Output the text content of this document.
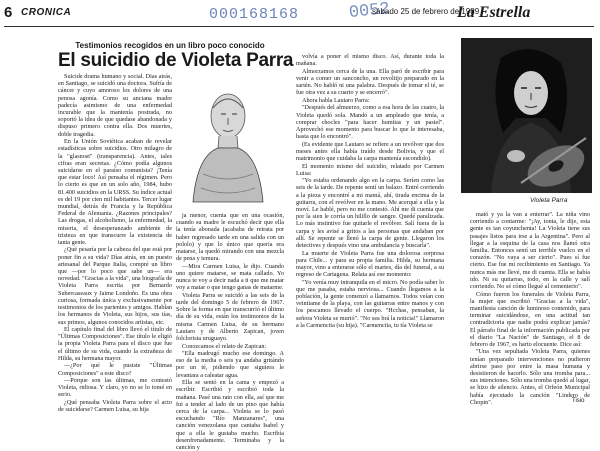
6 CRONICA	000168168	0052
sábado 25 de febrero de 1989
La Estrella
Testimonios recogidos en un libro poco conocido
El suicidio de Violeta Parra

Suicide drama humano y social. Dias atrás, en Santiago, se suicidó una doctora. Sufría de cáncer y cuyo amoroso los dolores de una penosa agonía. Como su anciana madre padecía asimismo de una enfermedad incurable que la mantenía postrada, no soportó la idea de que quedase abandonada y dispuso primero contra ella. Dos muertes, doble tragedia.

En la Unión Soviética acaban de revelar estadísticas sobre suicidios. Otro milagro de la "glasnost" (transparencia). Antes, tales cifras eran secretas. ¿Cómo podía algunos suicidarse en el paraíso comunista? ¡Tenía que estar loco! Así pensaba el régimen. Pero lo cierto es que en un solo año, 1984, hubo 81.400 suicidios en la URSS. Su índice actual es del 19 por cien mil habitantes. Tercer lugar mundial, detrás de Francia y la República Federal de Alemania. ¿Razones principales? Las drogas, el alcoholismo, la enfermedad, la miseria, el desesperanzado ambiente de tristeza en que transcurre la existencia de tanta gente.

¿Qué pesaría por la cabeza del que está por poner fin a su vida? Días atrás, en un puesto artesanal del Parque Italia, compré un libro que —por lo poco que sabe un— era novedad. "Gracias a la vida", una biografía de Violeta Parra escrita por Bernardo Subercaseaux y Jaime Londoño. Es una obra curiosa, formada única y exclusivamente por testimonios de los parientes y amigos. Hablan los hermanos de Violeta, sus hijos, sus tías, sus primos, algunos conocidos artistas, etc.

El capítulo final del libro llevó el título de "Últimas Composiciones". Ese título le eligió la propia Violeta Parra para el disco que fue el último de su vida, cuando la extrañeza de Hilda, su hermana mayor.

—¿Por qué le pusiste "Últimas Composiciones" a este disco?

—Porque son las últimas, me contestó Violeta, ridiosa. Y claro, yo no se lo tomé en serio.

¿Qué pensaba Violeta Parra sobre el acto de suicidarse? Carmen Luisa, su hija

ja menor, cuenta que en una ocasión, cuando su madre le escuchó decir que ella la tenía abonada (acababa de retrata por haber regresado tarde en una salida con un pololo) y que lo único que quería era matarse, la quedó mirando con una mezcla de pena y temura.

—Mira Carmen Luisa, le dijo. Cuando uno quiere matarse, se mata callado. Yo nunca te voy a decir nada a ti que me matar voy a matar o que tengo ganas de matarme.

Violeta Parra se suicidó a las seis de la tarde del domingo 5 de febrero de 1967. Sobre la forma en que transcurrió el último día de su vida, están los testimonios de la misma Carmen Luisa, de su hermano Lautaro y de Alberto Zapican, joven folclorista uruguayo.

Conozcamos el relato de Zapican:

"Ella madrugó mucho ese domingo. A eso de la media o seis ya andaba gritándo por un té, pidiendo que siguiera le levantara a caleatar agua.

Ella se sentó en la cama y empezó a escribir. Escribió y escribió toda la mañana. Pasé una rato con ella, así que me fui a tender al lado de un pino que había cerca de la carpa... Violeta se lo pasó escuchando "Río Manzanares", una canción venezolana que cantaba Isabel y que a ella le gustaba mucho. Escribía desenfrenadamente. Terminaba y la canción y

volvía a poner el mismo disco. Así, durante toda la mañana.

Almorzamos cerca de la una. Ella paró de escribir para venir a comer un sanconcho, un revoltijo preparado en la sartén. No habló ni una palabra. Después de tomar el té, se fue otra vez a su cuarto y se encerró".

Ahora habla Lautaro Parra:

"Después del almuerzo, como a esa hora de las cuatro, la Violeta quedó sola. Mandó a un ampleado que tenía, a comprar chocles "para hacer humitas y un pastel". Aprovechó ese momento para buscar lo que le interesaba, hasta que lo encontró".

(Es evidente que Lautaro se refiere a un revólver que dos meses antes ella había traído desde Bolivia, y que el matrimonio que cuidaba la carpa mantenía escondido).

El momento mismo del suicidio, relatado por Carmen Luisa:

"Yo estaba ordenando algo en la carpa. Seríen como las seis de la tarde. De repente sentí un balazo. Entré corriendo a la pieza y encontré a mi mamá, ahí, tirada encima de la guitarra, con el revólver en la mano. Me acerqué a ella y la moví. Le hablé, pero no me contestó. Ahí me di cuenta que por la sien le corría un hilillo de sangre. Quedé paralizada. Lo más instintivo fue quitarle el revólver. Salí fuera de la carpa y les avisé a gritos a las personas que andaban por allí. Se repente se llenó la carpa de gente. Llegaron los detectives y después vino una ambulancia y buscarla".

La muerte de Violeta Parra fue una dolorosa sorpresa para Chile... y para su propia familia. Hilda, su hermana mayor, vino a enterarse sólo el martes, día del funeral, a su regreso de Cartagena. Relata así ese momento:

"Yo venía muy intranquila en el micro. No podía saber lo que me pasaba, estaba nerviosa... Cuando llegamos a la población, la gente comenzó a llamarnos. Todos veían con veintiame de la playa, con las guitarras entre manos y con los pescamos llevado el cuerpo. "Hcchas, pensaban, la señora Violeta se murió". "No sea brá la noticia!" Llamaron a la Carmencita (su hija). "Carmencita, tu tía Violeta se

Violeta Parra

mató y ya la van a enterrar". La niña vino corriendo a contarme: "¡Ay, tonta, le dije, esta gente es tan coyunchenta! La Violeta tiene sus pasajes listos para irse a la Argentina". Pero al llegar a la esquina de la casa nos llamó otra familia. Entonces sentí un terrible vuelco en el corazón. "No vaya a ser cierto". Pues sí fue cierto. Ese fue mi recibimiento en Santiago. Ya nunca más me llevé, me di cuenta. Ella se había ido. Ni su quitarras, todo, en la calle y salí corriendo. No sé cómo llegué al cementerio".

Cómo fueron los funerales de Violeta Parra, la mujer que escribió "Gracias a la vida", manifiesta canción de luminoso contenido, para terminar suicidándose, en una actitud tan contradictoria que nadie podrá explicar jamás? El párrafo final de la información publicada por el diario "La Nación" de Santiago, el 8 de febrero de 1967, es harto elocuente. Dice así:

"Una vez sepultada Violeta Parra, quienes tenían preparado intervenciones no pudieron abrirse paso por entre la masa humana y desistieron de hacerlo. Sólo una tromba para... sus intenciones. Sólo una tromba quedó al lugar, se hizo de silencio. Antes, el Orfeón Municipal había ejecutado la canción "Lindero de Chopin".	Tisio
